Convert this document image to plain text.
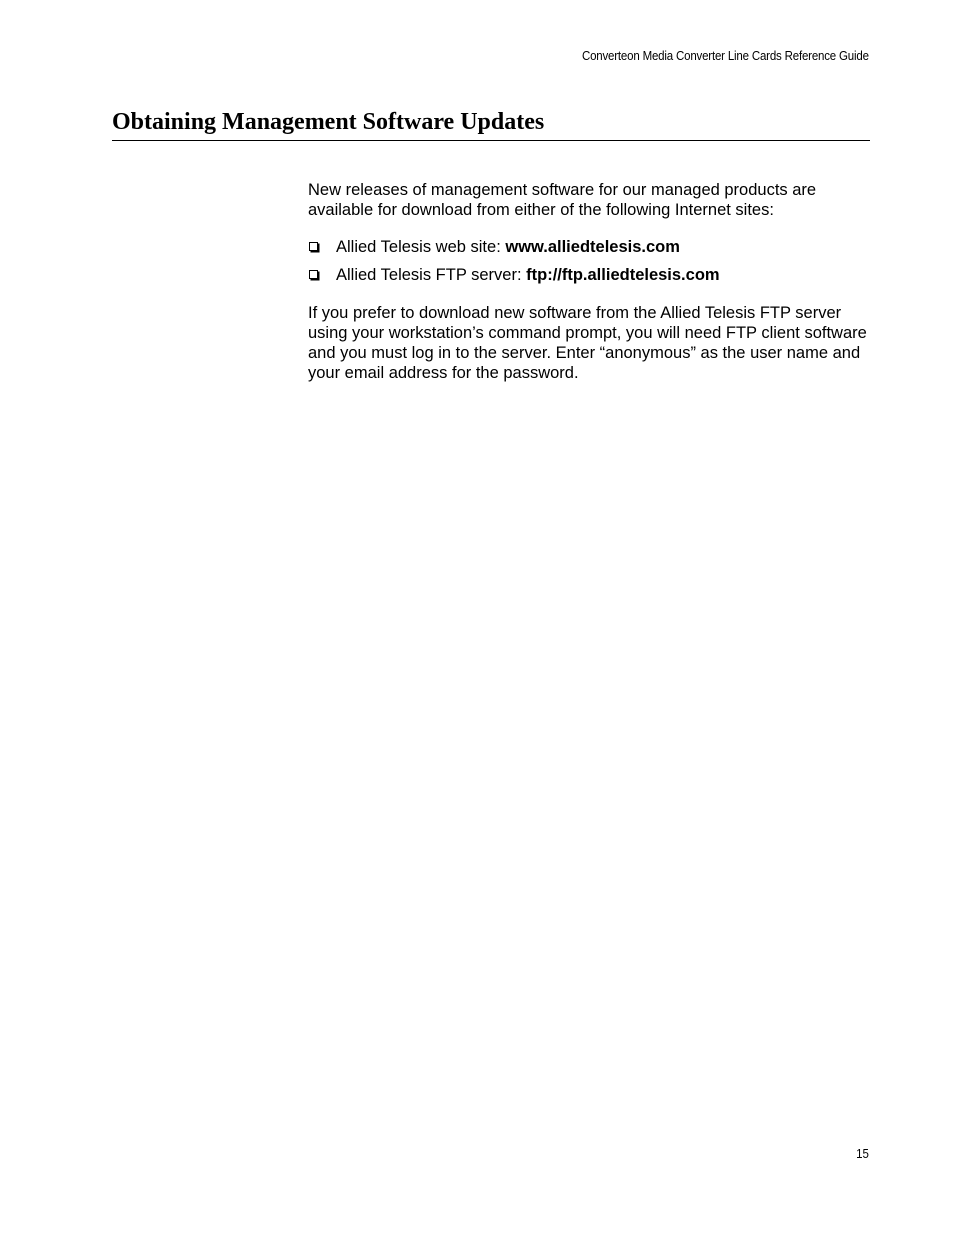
Converteon Media Converter Line Cards Reference Guide
Obtaining Management Software Updates

New releases of management software for our managed products are available for download from either of the following Internet sites:

Allied Telesis web site: www.alliedtelesis.com
Allied Telesis FTP server: ftp://ftp.alliedtelesis.com

If you prefer to download new software from the Allied Telesis FTP server using your workstation’s command prompt, you will need FTP client software and you must log in to the server. Enter “anonymous” as the user name and your email address for the password.

15
